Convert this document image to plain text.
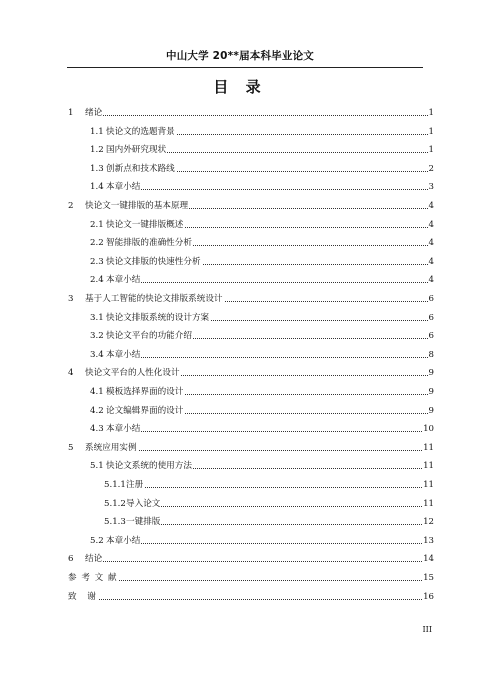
中山大学 20**届本科毕业论文
目 录
1 绪论	1
1.1 快论文的选题背景	1
1.2 国内外研究现状	1
1.3 创新点和技术路线	2
1.4 本章小结	3
2 快论文一键排版的基本原理	4
2.1 快论文一键排版概述	4
2.2 智能排版的准确性分析	4
2.3 快论文排版的快速性分析	4
2.4 本章小结	4
3 基于人工智能的快论文排版系统设计	6
3.1 快论文排版系统的设计方案	6
3.2 快论文平台的功能介绍	6
3.4 本章小结	8
4 快论文平台的人性化设计	9
4.1 模板选择界面的设计	9
4.2 论文编辑界面的设计	9
4.3 本章小结	10
5 系统应用实例	11
5.1 快论文系统的使用方法	11
5.1.1 注册	11
5.1.2 导入论文	11
5.1.3 一键排版	12
5.2 本章小结	13
6 结论	14
参 考 文 献	15
致　谢	16
III
